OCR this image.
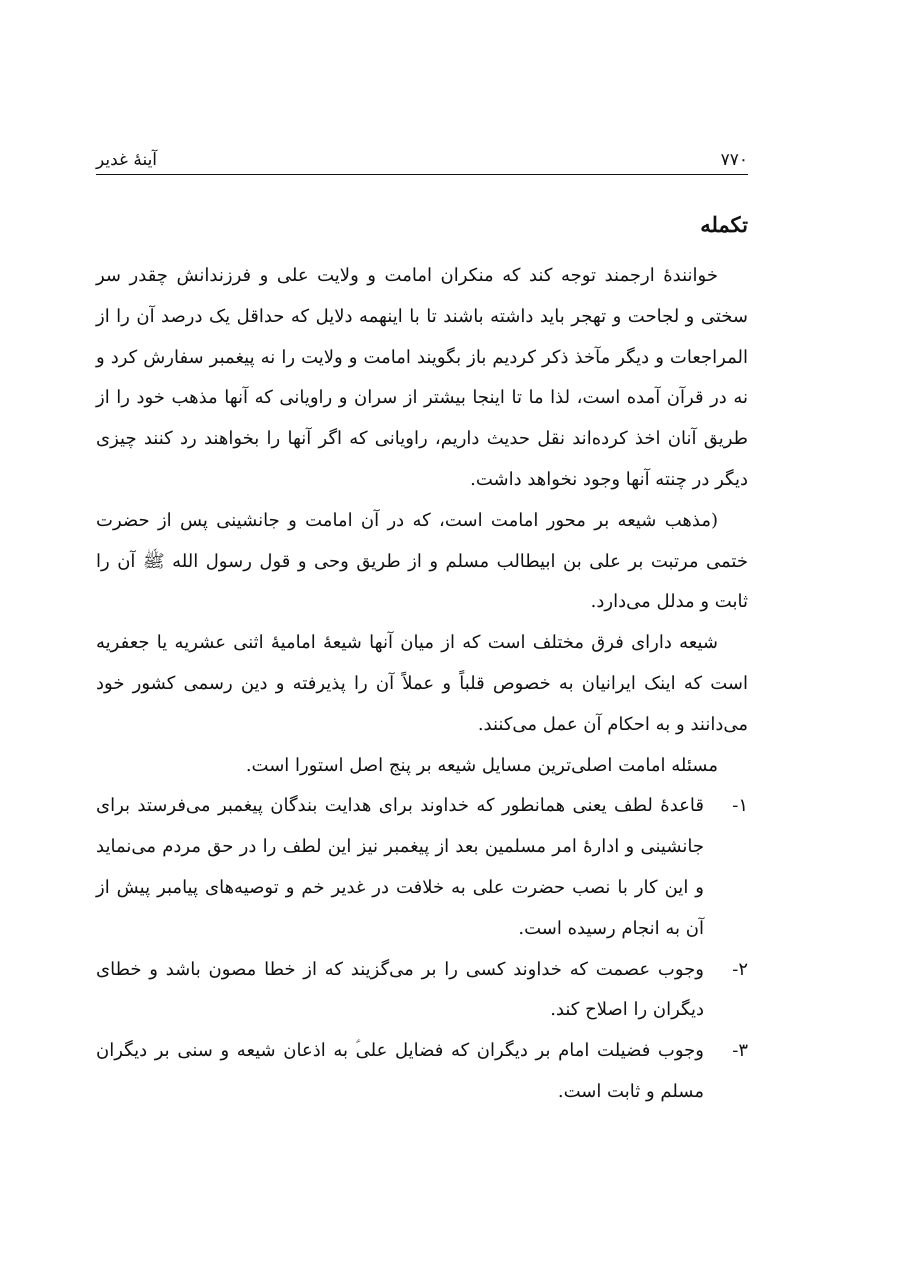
۷۷۰
آینهٔ غدیر
تکمله

خوانندهٔ ارجمند توجه کند که منکران امامت و ولایت علی و فرزندانش چقدر سر سختی و لجاحت و تهجر باید داشته باشند تا با اینهمه دلایل که حداقل یک درصد آن را از المراجعات و دیگر مآخذ ذکر کردیم باز بگویند امامت و ولایت را نه پیغمبر سفارش کرد و نه در قرآن آمده است، لذا ما تا اینجا بیشتر از سران و راویانی که آنها مذهب خود را از طریق آنان اخذ کرده‌اند نقل حدیث داریم، راویانی که اگر آنها را بخواهند رد کنند چیزی دیگر در چنته آنها وجود نخواهد داشت.

(مذهب شیعه بر محور امامت است، که در آن امامت و جانشینی پس از حضرت ختمی مرتبت بر علی بن ابیطالب مسلم و از طریق وحی و قول رسول الله ﷺ آن را ثابت و مدلل می‌دارد.

شیعه دارای فرق مختلف است که از میان آنها شیعهٔ امامیهٔ اثنی عشریه یا جعفریه است که اینک ایرانیان به خصوص قلباً و عملاً آن را پذیرفته و دین رسمی کشور خود می‌دانند و به احکام آن عمل می‌کنند.

مسئله امامت اصلی‌ترین مسایل شیعه بر پنج اصل استورا است.

۱-
قاعدهٔ لطف یعنی همانطور که خداوند برای هدایت بندگان پیغمبر می‌فرستد برای جانشینی و ادارهٔ امر مسلمین بعد از پیغمبر نیز این لطف را در حق مردم می‌نماید و این کار با نصب حضرت علی به خلافت در غدیر خم و توصیه‌های پیامبر پیش از آن به انجام رسیده است.
۲-
وجوب عصمت که خداوند کسی را بر می‌گزیند که از خطا مصون باشد و خطای دیگران را اصلاح کند.
۳-
وجوب فضیلت امام بر دیگران که فضایل علی‌ؑ به اذعان شیعه و سنی بر دیگران مسلم و ثابت است.
